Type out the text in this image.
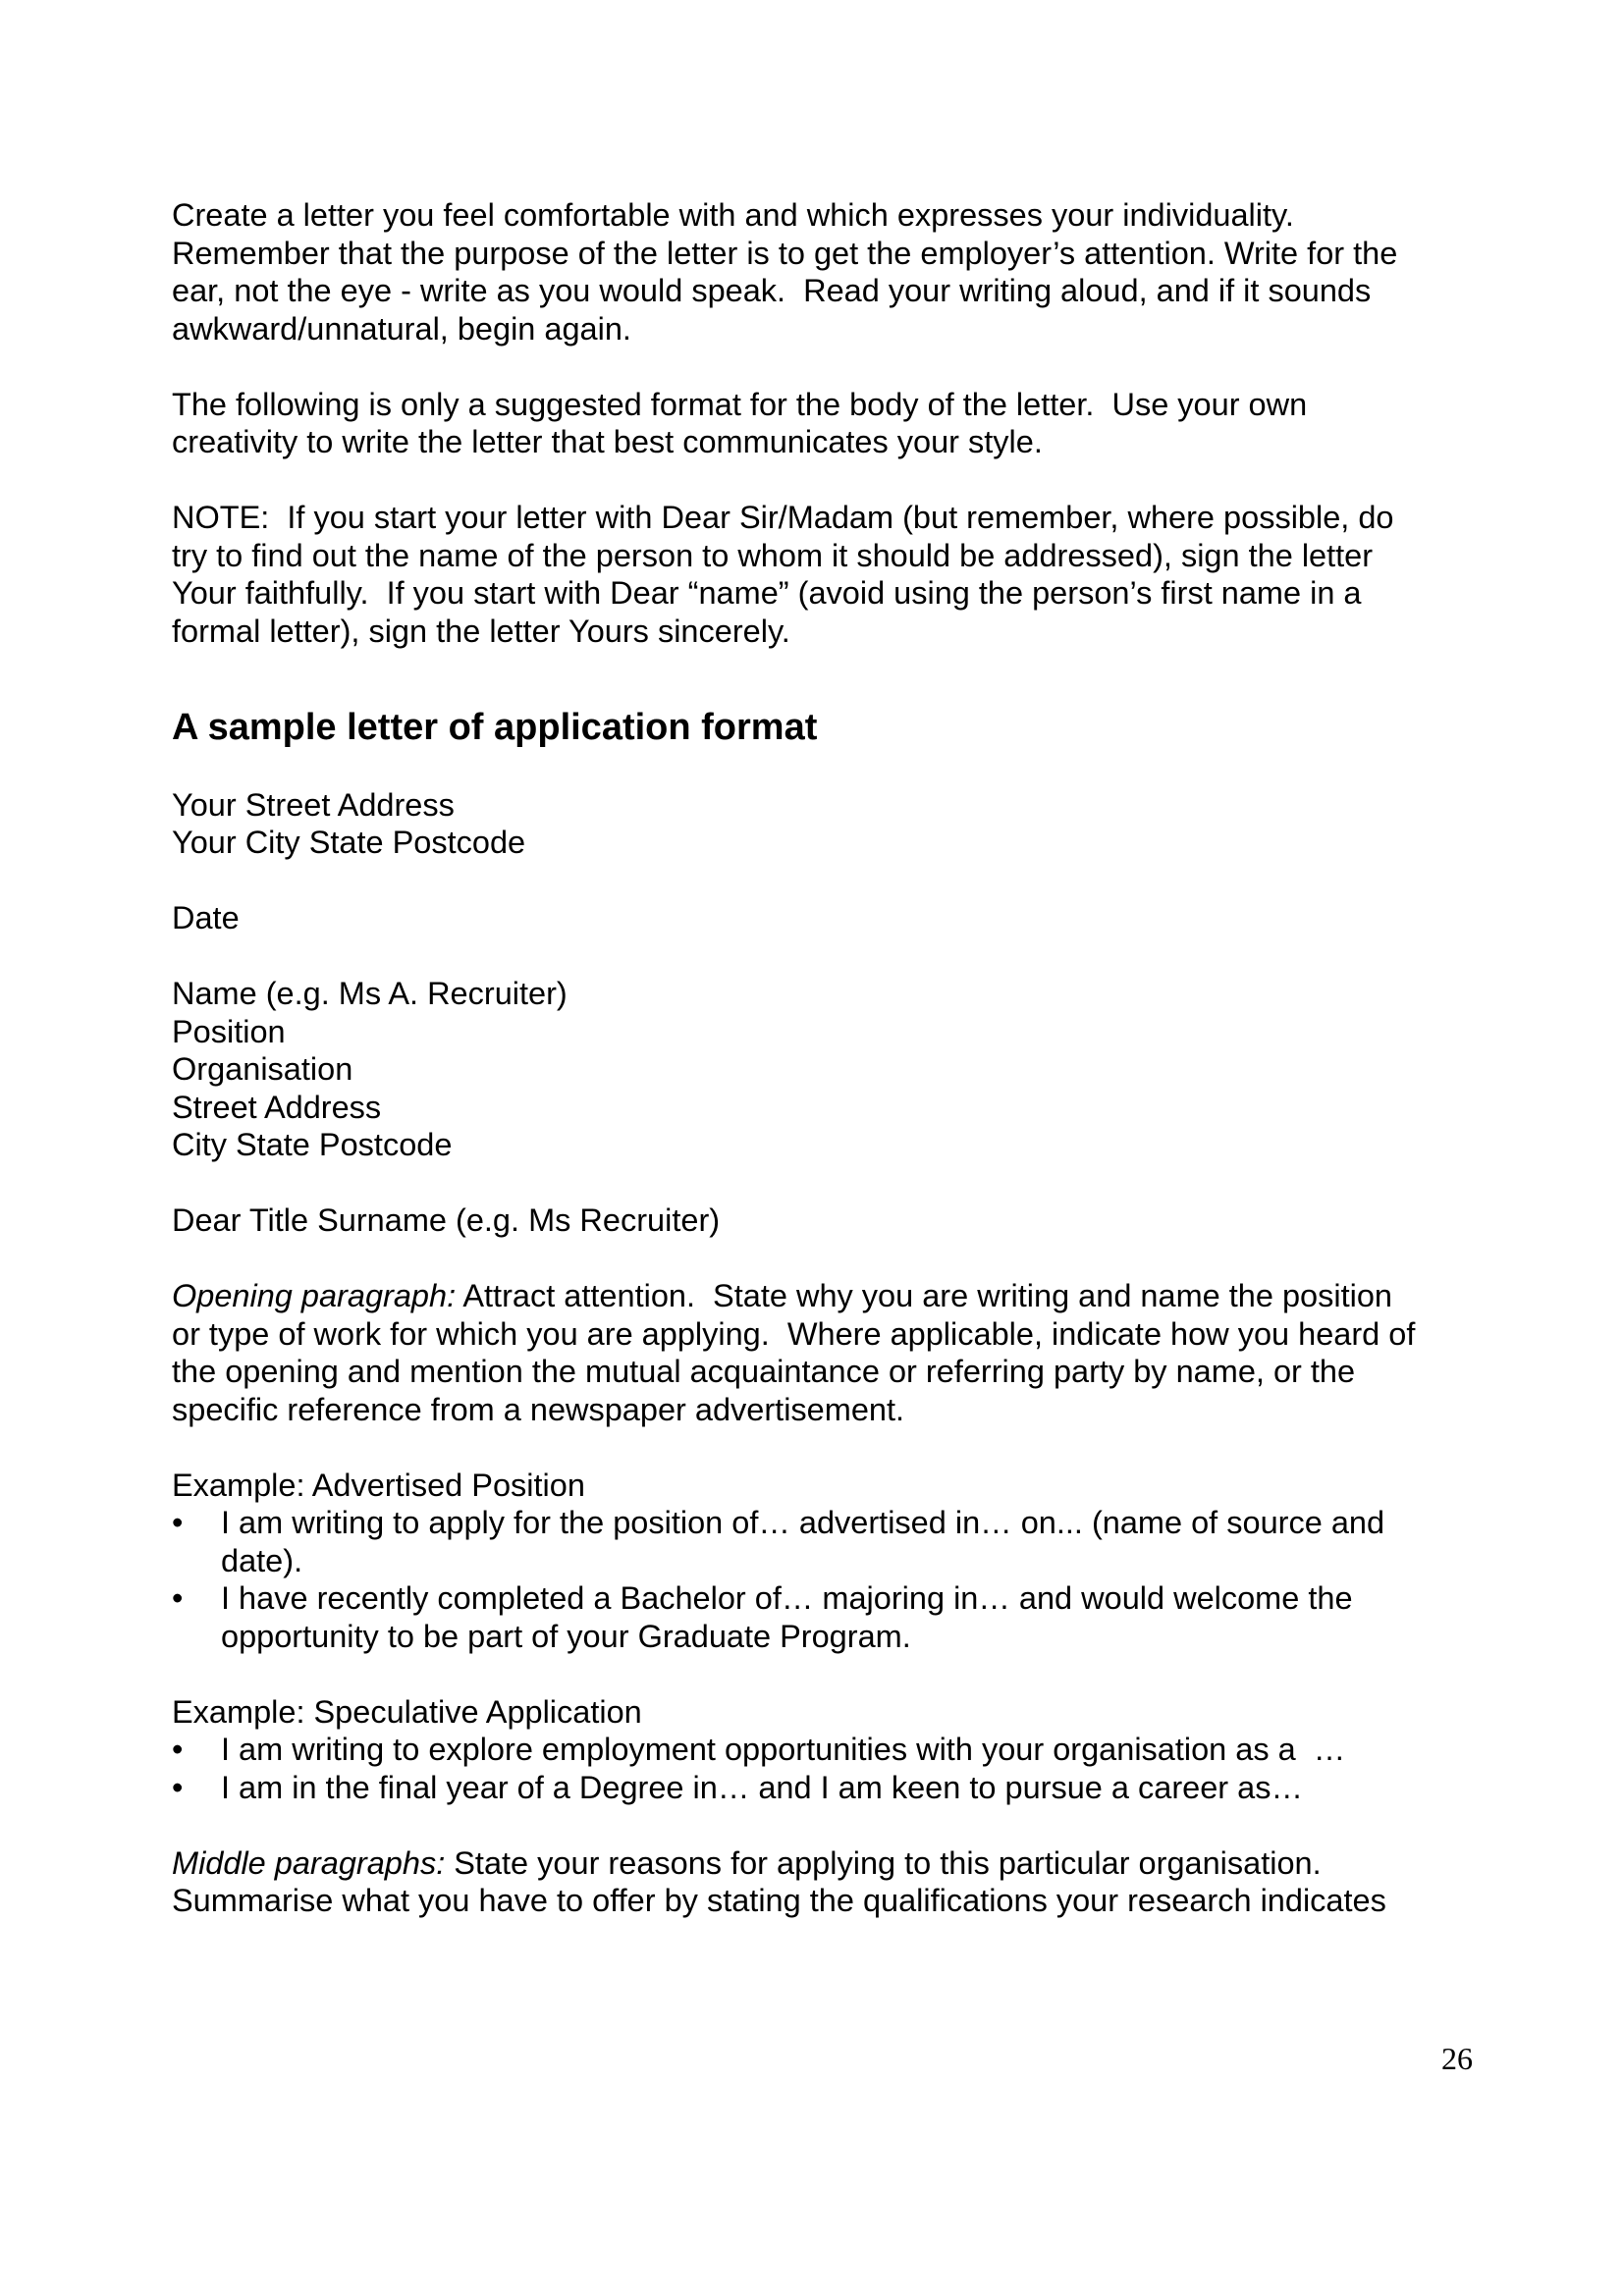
Create a letter you feel comfortable with and which expresses your individuality.
Remember that the purpose of the letter is to get the employer’s attention. Write for the
ear, not the eye - write as you would speak.  Read your writing aloud, and if it sounds
awkward/unnatural, begin again.

The following is only a suggested format for the body of the letter.  Use your own
creativity to write the letter that best communicates your style.

NOTE:  If you start your letter with Dear Sir/Madam (but remember, where possible, do
try to find out the name of the person to whom it should be addressed), sign the letter
Your faithfully.  If you start with Dear “name” (avoid using the person’s first name in a
formal letter), sign the letter Yours sincerely.

A sample letter of application format
Your Street Address
Your City State Postcode
Date
Name (e.g. Ms A. Recruiter)
Position
Organisation
Street Address
City State Postcode
Dear Title Surname (e.g. Ms Recruiter)

Opening paragraph: Attract attention.  State why you are writing and name the position
or type of work for which you are applying.  Where applicable, indicate how you heard of
the opening and mention the mutual acquaintance or referring party by name, or the
specific reference from a newspaper advertisement.

Example: Advertised Position
• I am writing to apply for the position of… advertised in… on... (name of source and
date).
• I have recently completed a Bachelor of… majoring in… and would welcome the
opportunity to be part of your Graduate Program.
Example: Speculative Application
• I am writing to explore employment opportunities with your organisation as a  …
• I am in the final year of a Degree in… and I am keen to pursue a career as…

Middle paragraphs: State your reasons for applying to this particular organisation.
Summarise what you have to offer by stating the qualifications your research indicates

26
